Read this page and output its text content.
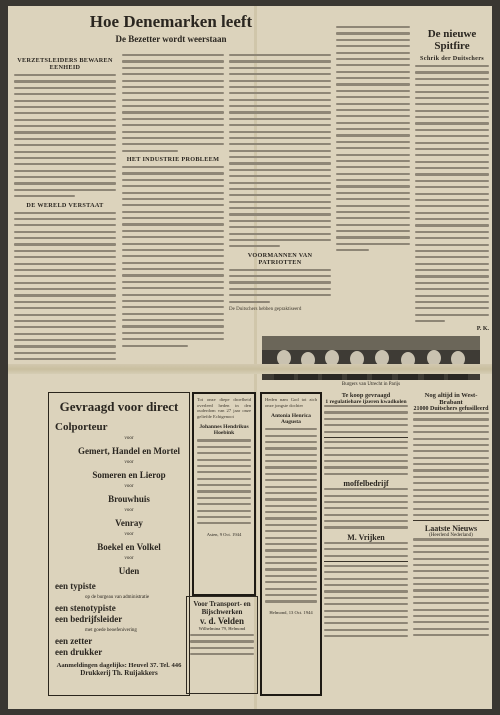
Hoe Denemarken leeft
De Bezetter wordt weerstaan
VERZETSLEIDERS BEWAREN EENHEID
DE WERELD VERSTAAT
HET INDUSTRIE PROBLEEM
VOORMANNEN VAN PATRIOTTEN
De Duitschers hebben gepraktiseerd
De nieuwe Spitfire
Schrik der Duitschers
P. K.
Burgers van Utrecht in Parijs
Gevraagd voor direct
Colporteur
voor
Gemert, Handel en Mortel
voor
Someren en Lierop
voor
Brouwhuis
voor
Venray
voor
Boekel en Volkel
voor
Uden
een typiste
op de burgeau van administratie
een stenotypiste
een bedrijfsleider
met goede beoefenivering
een zetter
een drukker
Aanmeldingen dagelijks: Heuvel 37. Tel. 446
Drukkerij Th. Ruijakkers
Tot onze diepe droefheid overleed heden in den ouderdom van 27 jaar onze geliefde Echtgenoot
Johannes Hendrikus Hoebink
Asten, 9 Oct. 1944
Voor Transport- en Bijschwerken
v. d. Velden
Wilhelmina 79, Helmond
Heden nam God tot zich onze jongste dochter
Antonia Henrica Augusta
Helmond, 13 Oct. 1944
Te koop gevraagd
1 regulatiehare ijzeren kwadkolen
moffelbedrijf
M. Vrijken
Nog altijd in West-Brabant
21000 Duitschers gefusilleerd
Laatste Nieuws
(Heerlend Nederland)
